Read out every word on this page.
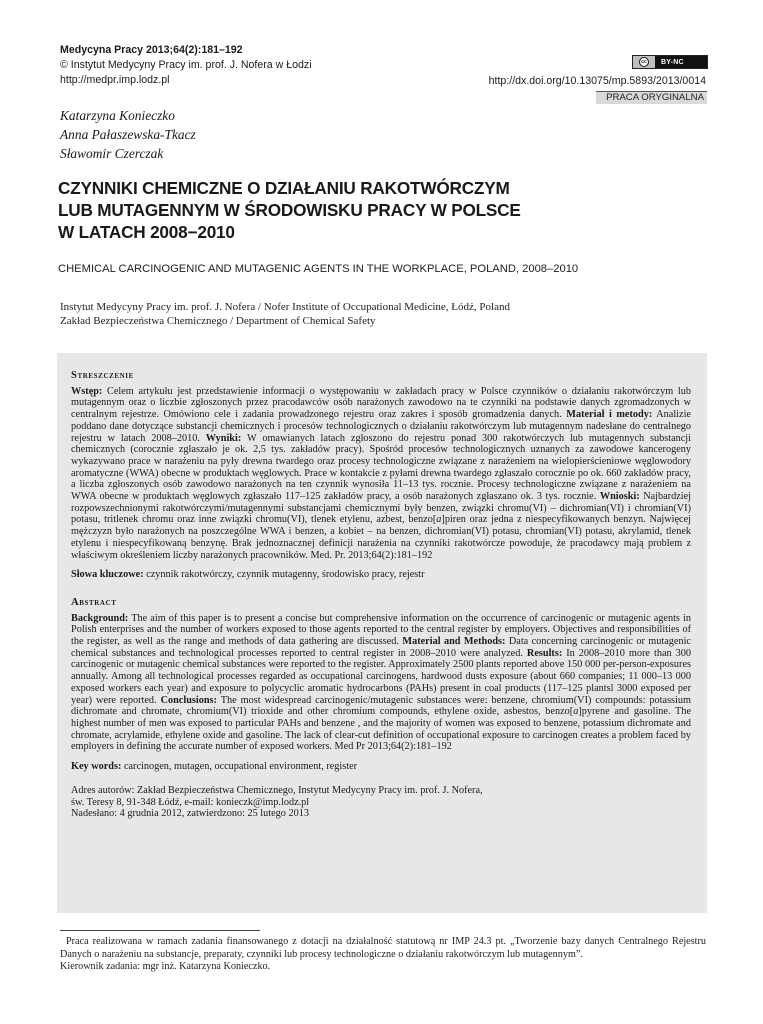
Medycyna Pracy 2013;64(2):181–192
© Instytut Medycyny Pracy im. prof. J. Nofera w Łodzi
http://medpr.imp.lodz.pl
cc	BY-NC
http://dx.doi.org/10.13075/mp.5893/2013/0014
PRACA ORYGINALNA
Katarzyna Konieczko
Anna Pałaszewska-Tkacz
Sławomir Czerczak
CZYNNIKI CHEMICZNE O DZIAŁANIU RAKOTWÓRCZYM
LUB MUTAGENNYM W ŚRODOWISKU PRACY W POLSCE
W LATACH 2008−2010
CHEMICAL CARCINOGENIC AND MUTAGENIC AGENTS IN THE WORKPLACE, POLAND, 2008–2010
Instytut Medycyny Pracy im. prof. J. Nofera / Nofer Institute of Occupational Medicine, Łódź, Poland
Zakład Bezpieczeństwa Chemicznego / Department of Chemical Safety

Streszczenie

Wstęp: Celem artykułu jest przedstawienie informacji o występowaniu w zakładach pracy w Polsce czynników o działaniu rakotwórczym lub mutagennym oraz o liczbie zgłoszonych przez pracodawców osób narażonych zawodowo na te czynniki na podstawie danych zgromadzonych w centralnym rejestrze. Omówiono cele i zadania prowadzonego rejestru oraz zakres i sposób gromadzenia danych. Materiał i metody: Analizie poddano dane dotyczące substancji chemicznych i procesów technologicznych o działaniu rakotwórczym lub mutagennym nadesłane do centralnego rejestru w latach 2008–2010. Wyniki: W omawianych latach zgłoszono do rejestru ponad 300 rakotwórczych lub mutagennych substancji chemicznych (corocznie zgłaszało je ok. 2,5 tys. zakładów pracy). Spośród procesów technologicznych uznanych za zawodowe kancerogeny wykazywano prace w narażeniu na pyły drewna twardego oraz procesy technologiczne związane z narażeniem na wielopierścieniowe węglowodory aromatyczne (WWA) obecne w produktach węglowych. Prace w kontakcie z pyłami drewna twardego zgłaszało corocznie po ok. 660 zakładów pracy, a liczba zgłoszonych osób zawodowo narażonych na ten czynnik wynosiła 11–13 tys. rocznie. Procesy technologiczne związane z narażeniem na WWA obecne w produktach węglowych zgłaszało 117–125 zakładów pracy, a osób narażonych zgłaszano ok. 3 tys. rocznie. Wnioski: Najbardziej rozpowszechnionymi rakotwórczymi/mutagennymi substancjami chemicznymi były benzen, związki chromu(VI) – dichromian(VI) i chromian(VI) potasu, tritlenek chromu oraz inne związki chromu(VI), tlenek etylenu, azbest, benzo[a]piren oraz jedna z niespecyfikowanych benzyn. Najwięcej mężczyzn było narażonych na poszczególne WWA i benzen, a kobiet – na benzen, dichromian(VI) potasu, chromian(VI) potasu, akrylamid, tlenek etylenu i niespecyfikowaną benzynę. Brak jednoznacznej definicji narażenia na czynniki rakotwórcze powoduje, że pracodawcy mają problem z właściwym określeniem liczby narażonych pracowników. Med. Pr. 2013;64(2):181–192

Słowa kluczowe: czynnik rakotwórczy, czynnik mutagenny, środowisko pracy, rejestr

Abstract

Background: The aim of this paper is to present a concise but comprehensive information on the occurrence of carcinogenic or mutagenic agents in Polish enterprises and the number of workers exposed to those agents reported to the central register by employers. Objectives and responsibilities of the register, as well as the range and methods of data gathering are discussed. Material and Methods: Data concerning carcinogenic or mutagenic chemical substances and technological processes reported to central register in 2008–2010 were analyzed. Results: In 2008–2010 more than 300 carcinogenic or mutagenic chemical substances were reported to the register. Approximately 2500 plants reported above 150 000 per-person-exposures annually. Among all technological processes regarded as occupational carcinogens, hardwood dusts exposure (about 660 companies; 11 000–13 000 exposed workers each year) and exposure to polycyclic aromatic hydrocarbons (PAHs) present in coal products (117–125 plantsl 3000 exposed per year) were reported. Conclusions: The most widespread carcinogenic/mutagenic substances were: benzene, chromium(VI) compounds: potassium dichromate and chromate, chromium(VI) trioxide and other chromium compounds, ethylene oxide, asbestos, benzo[a]pyrene and gasoline. The highest number of men was exposed to particular PAHs and benzene , and the majority of women was exposed to benzene, potassium dichromate and chromate, acrylamide, ethylene oxide and gasoline. The lack of clear-cut definition of occupational exposure to carcinogen creates a problem faced by employers in defining the accurate number of exposed workers. Med Pr 2013;64(2):181–192

Key words: carcinogen, mutagen, occupational environment, register

Adres autorów: Zakład Bezpieczeństwa Chemicznego, Instytut Medycyny Pracy im. prof. J. Nofera,
św. Teresy 8, 91-348 Łódź, e-mail: konieczk@imp.lodz.pl
Nadesłano: 4 grudnia 2012, zatwierdzono: 25 lutego 2013
Praca realizowana w ramach zadania finansowanego z dotacji na działalność statutową nr IMP 24.3 pt. „Tworzenie bazy danych Centralnego Rejestru Danych o narażeniu na substancje, preparaty, czynniki lub procesy technologiczne o działaniu rakotwórczym lub mutagennym”.
Kierownik zadania: mgr inż. Katarzyna Konieczko.
